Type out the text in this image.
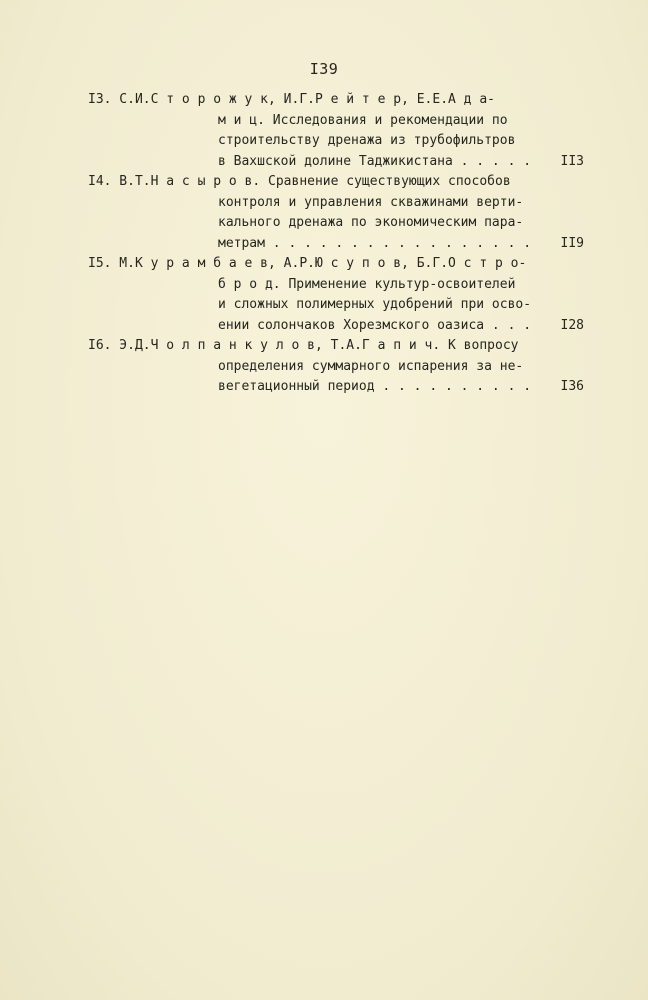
I39
I3. С.И.С т о р о ж у к, И.Г.Р е й т е р, Е.Е.А д а-
м и ц. Исследования и рекомендации по
строительству дренажа из трубофильтров
в Вахшской долине Таджикистана . . . . .	II3
I4. В.Т.Н а с ы р о в. Сравнение существующих способов
контроля и управления скважинами верти-
кального дренажа по экономическим пара-
метрам . . . . . . . . . . . . . . . . .	II9
I5. М.К у р а м б а е в, А.Р.Ю с у п о в, Б.Г.О с т р о-
б р о д. Применение культур-освоителей
и сложных полимерных удобрений при осво-
ении солончаков Хорезмского оазиса . . .	I28
I6. Э.Д.Ч о л п а н к у л о в, Т.А.Г а п и ч. К вопросу
определения суммарного испарения за не-
вегетационный период . . . . . . . . . .	I36
